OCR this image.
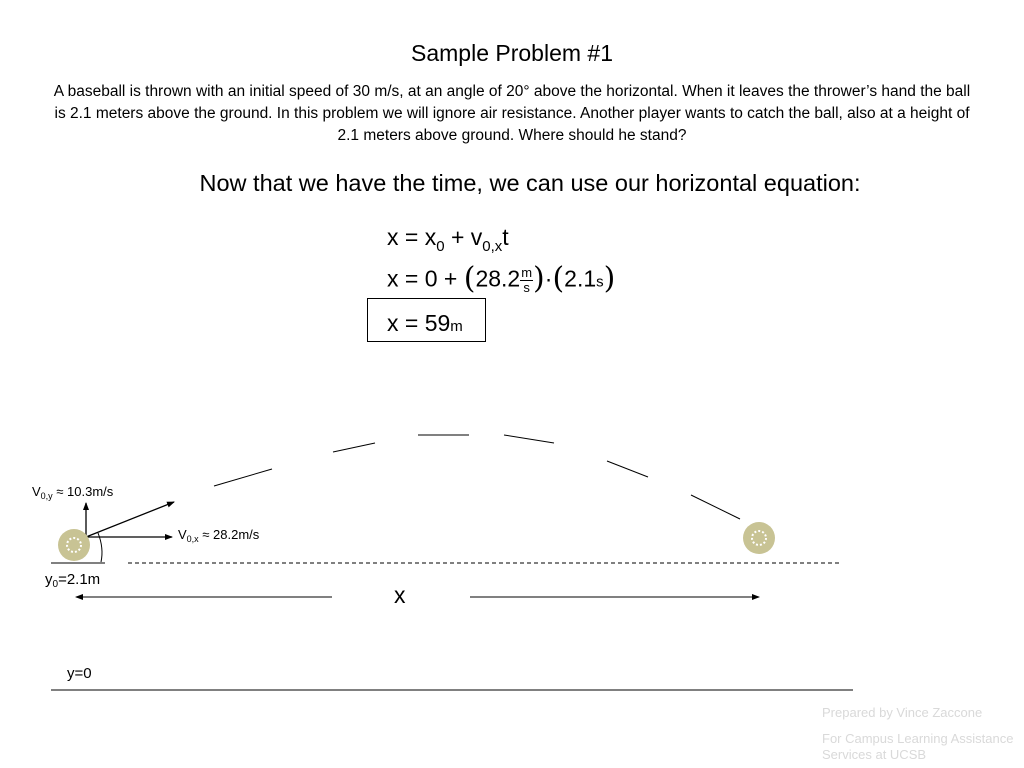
Sample Problem #1
A baseball is thrown with an initial speed of 30 m/s, at an angle of 20° above the horizontal. When it leaves the thrower’s hand the ball is 2.1 meters above the ground. In this problem we will ignore air resistance. Another player wants to catch the ball, also at a height of 2.1 meters above ground. Where should he stand?
Now that we have the time, we can use our horizontal equation:
$x = x_0 + v_{0,x}t$
$x = 0 + (28.2 \frac{m}{s} )\cdot(2.1s)$
x = 59m
$V_{0,y} \approx 10.3m/s$
$V_{0,x} \approx 28.2m/s$
$y_0=2.1m$
x
y=0
Prepared by Vince Zaccone
For Campus Learning Assistance Services at UCSB
